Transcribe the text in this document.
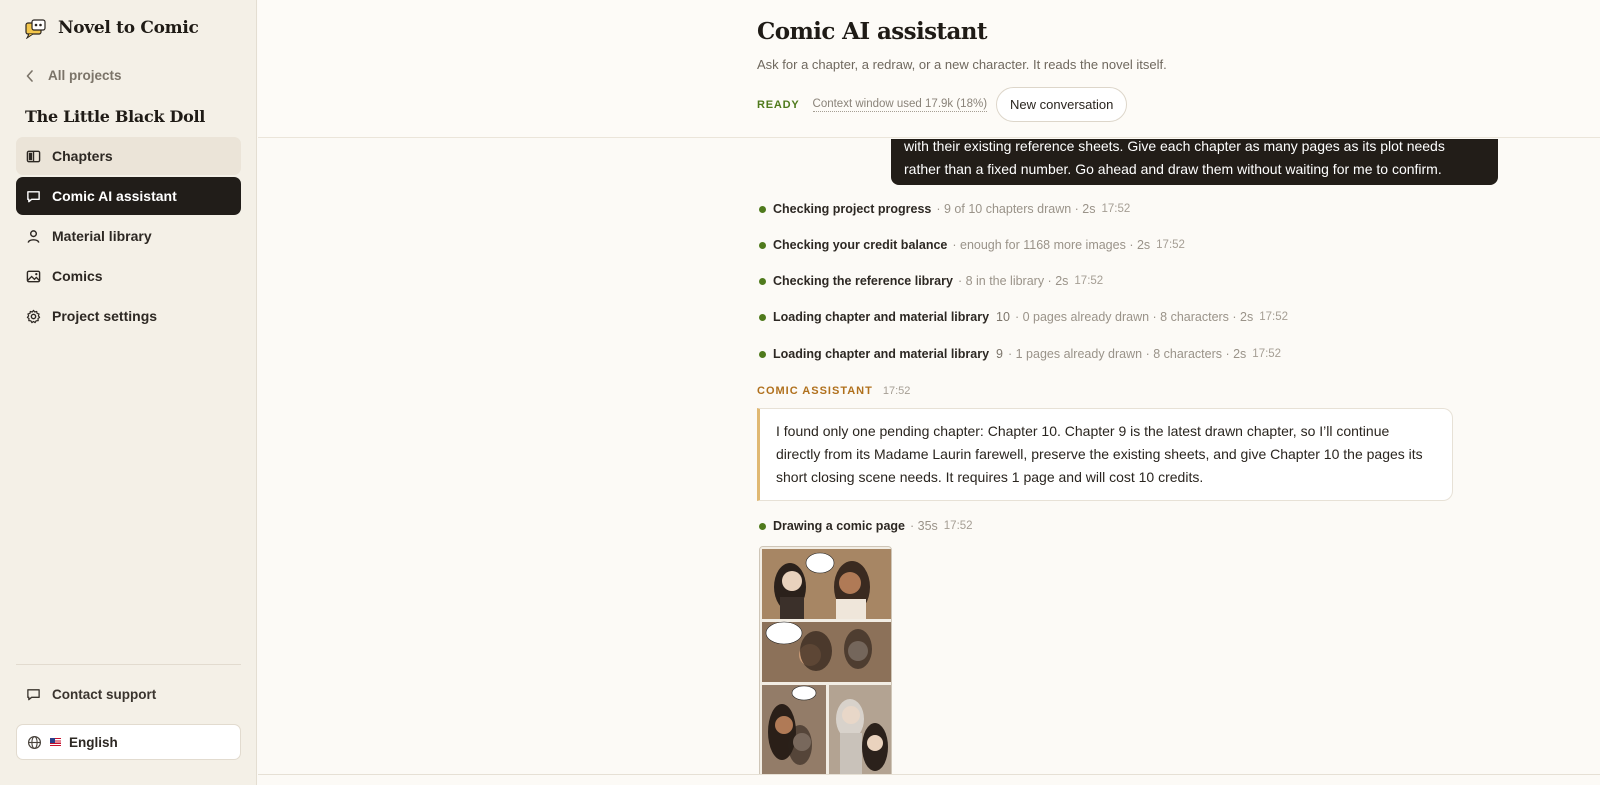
Novel to Comic
All projects
The Little Black Doll
Chapters
Comic AI assistant
Material library
Comics
Project settings
Contact support
English
Comic AI assistant

Ask for a chapter, a redraw, or a new character. It reads the novel itself.

READY Context window used 17.9k (18%)	New conversation
with their existing reference sheets. Give each chapter as many pages as its plot needs
rather than a fixed number. Go ahead and draw them without waiting for me to confirm.
Checking project progress · 9 of 10 chapters drawn · 2s 17:52
Checking your credit balance · enough for 1168 more images · 2s 17:52
Checking the reference library · 8 in the library · 2s 17:52
Loading chapter and material library 10 · 0 pages already drawn · 8 characters · 2s 17:52
Loading chapter and material library 9 · 1 pages already drawn · 8 characters · 2s 17:52
COMIC ASSISTANT 17:52
I found only one pending chapter: Chapter 10. Chapter 9 is the latest drawn chapter, so I’ll continue directly from its Madame Laurin farewell, preserve the existing sheets, and give Chapter 10 the pages its short closing scene needs. It requires 1 page and will cost 10 credits.
Drawing a comic page · 35s 17:52
